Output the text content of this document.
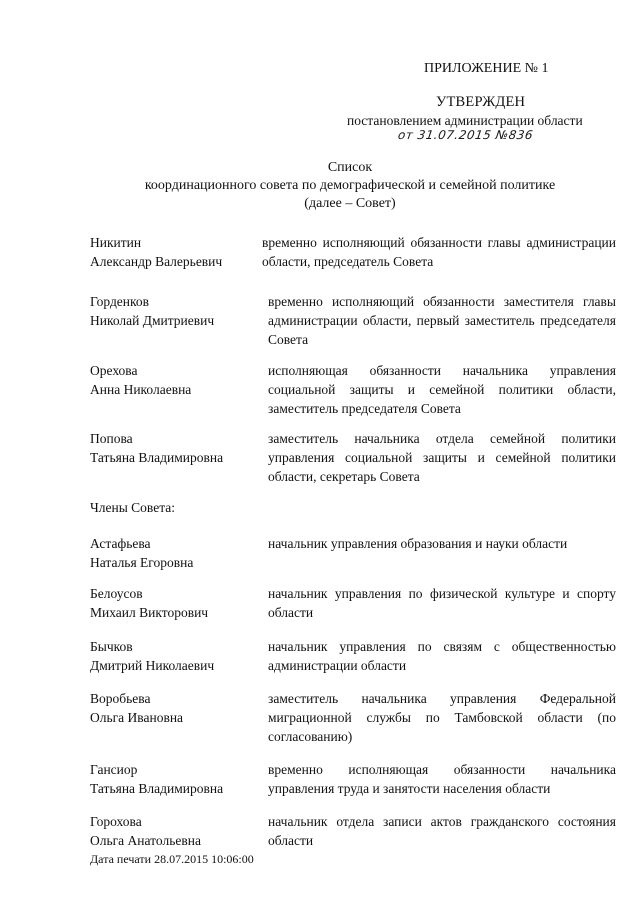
ПРИЛОЖЕНИЕ № 1
УТВЕРЖДЕН
постановлением администрации области
от 31.07.2015 №836
Список
координационного совета по демографической и семейной политике
(далее – Совет)
Никитин
Александр Валерьевич
временно исполняющий обязанности главы администрации области, председатель Совета
Горденков
Николай Дмитриевич
временно исполняющий обязанности заместителя главы администрации области, первый заместитель председателя Совета
Орехова
Анна Николаевна
исполняющая обязанности начальника управления социальной защиты и семейной политики области, заместитель председателя Совета
Попова
Татьяна Владимировна
заместитель начальника отдела семейной политики управления социальной защиты и семейной политики области, секретарь Совета
Члены Совета:
Астафьева
Наталья Егоровна
начальник управления образования и науки области
Белоусов
Михаил Викторович
начальник управления по физической культуре и спорту области
Бычков
Дмитрий Николаевич
начальник управления по связям с общественностью администрации области
Воробьева
Ольга Ивановна
заместитель начальника управления Федеральной миграционной службы по Тамбовской области (по согласованию)
Гансиор
Татьяна Владимировна
временно исполняющая обязанности начальника управления труда и занятости населения области
Горохова
Ольга Анатольевна
начальник отдела записи актов гражданского состояния области
Дата печати 28.07.2015 10:06:00
